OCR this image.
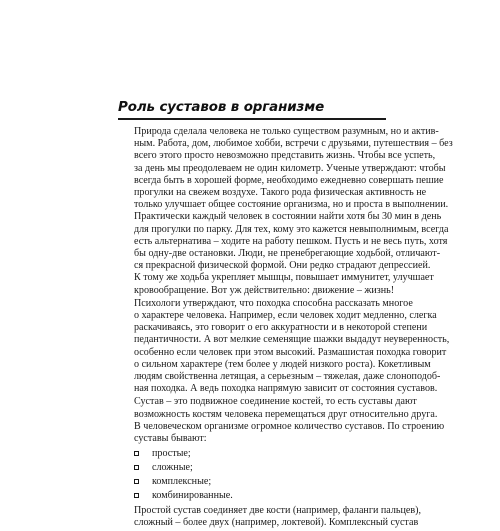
Роль суставов в организме

Природа сделала человека не только существом разумным, но и актив-
ным. Работа, дом, любимое хобби, встречи с друзьями, путешествия – без
всего этого просто невозможно представить жизнь. Чтобы все успеть,
за день мы преодолеваем не один километр. Ученые утверждают: чтобы
всегда быть в хорошей форме, необходимо ежедневно совершать пешие
прогулки на свежем воздухе. Такого рода физическая активность не
только улучшает общее состояние организма, но и проста в выполнении.
Практически каждый человек в состоянии найти хотя бы 30 мин в день
для прогулки по парку. Для тех, кому это кажется невыполнимым, всегда
есть альтернатива – ходите на работу пешком. Пусть и не весь путь, хотя
бы одну-две остановки. Люди, не пренебрегающие ходьбой, отличают-
ся прекрасной физической формой. Они редко страдают депрессией.
К тому же ходьба укрепляет мышцы, повышает иммунитет, улучшает
кровообращение. Вот уж действительно: движение – жизнь!

Психологи утверждают, что походка способна рассказать многое
о характере человека. Например, если человек ходит медленно, слегка
раскачиваясь, это говорит о его аккуратности и в некоторой степени
педантичности. А вот мелкие семенящие шажки выдадут неуверенность,
особенно если человек при этом высокий. Размашистая походка говорит
о сильном характере (тем более у людей низкого роста). Кокетливым
людям свойственна летящая, а серьезным – тяжелая, даже слоноподоб-
ная походка. А ведь походка напрямую зависит от состояния суставов.

Сустав – это подвижное соединение костей, то есть суставы дают
возможность костям человека перемещаться друг относительно друга.
В человеческом организме огромное количество суставов. По строению
суставы бывают:

простые;
сложные;
комплексные;
комбинированные.

Простой сустав соединяет две кости (например, фаланги пальцев),
сложный – более двух (например, локтевой). Комплексный сустав
